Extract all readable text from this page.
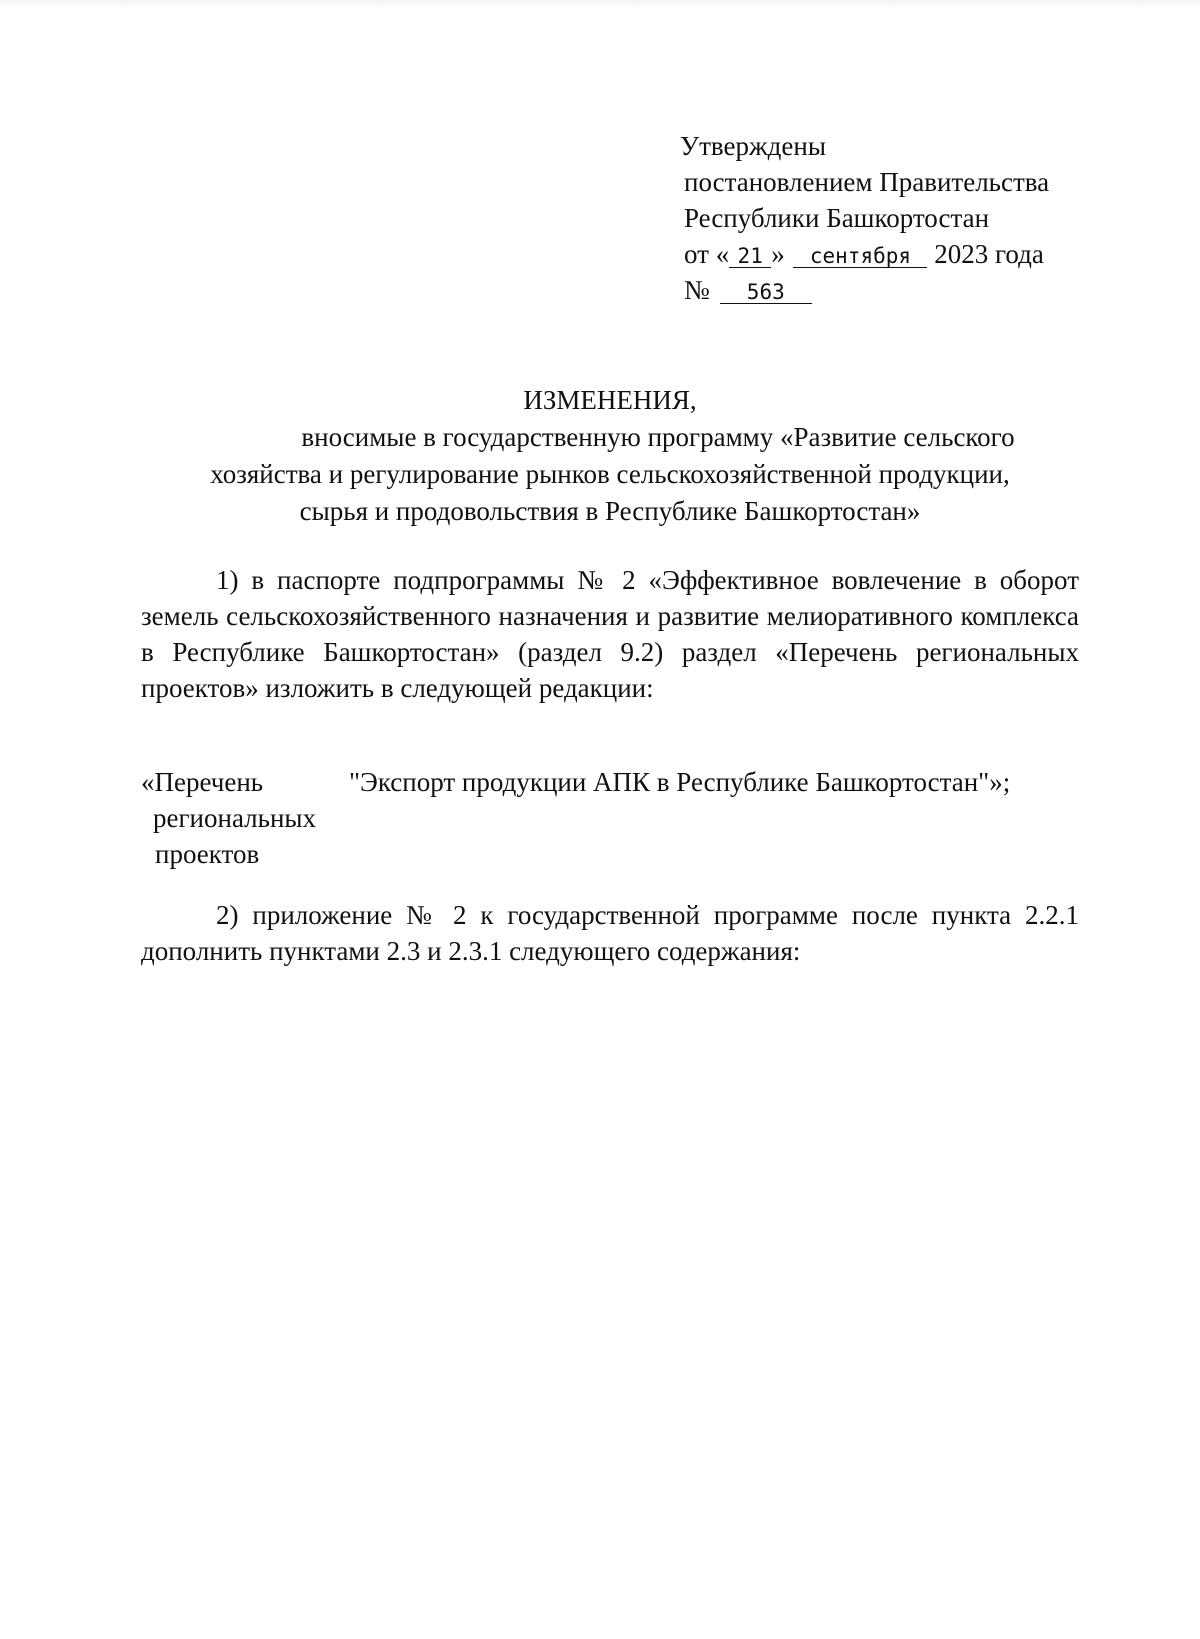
Утверждены
постановлением Правительства
Республики Башкортостан
от « 21 » сентября 2023 года
№ 563
ИЗМЕНЕНИЯ,
вносимые в государственную программу «Развитие сельского
хозяйства и регулирование рынков сельскохозяйственной продукции,
сырья и продовольствия в Республике Башкортостан»
1) в паспорте подпрограммы № 2 «Эффективное вовлечение в оборот земель сельскохозяйственного назначения и развитие мелиоративного комплекса в Республике Башкортостан» (раздел 9.2) раздел «Перечень региональных проектов» изложить в следующей редакции:
«Перечень
региональных
проектов
"Экспорт продукции АПК в Республике Башкортостан"»;
2) приложение № 2 к государственной программе после пункта 2.2.1 дополнить пунктами 2.3 и 2.3.1 следующего содержания:
